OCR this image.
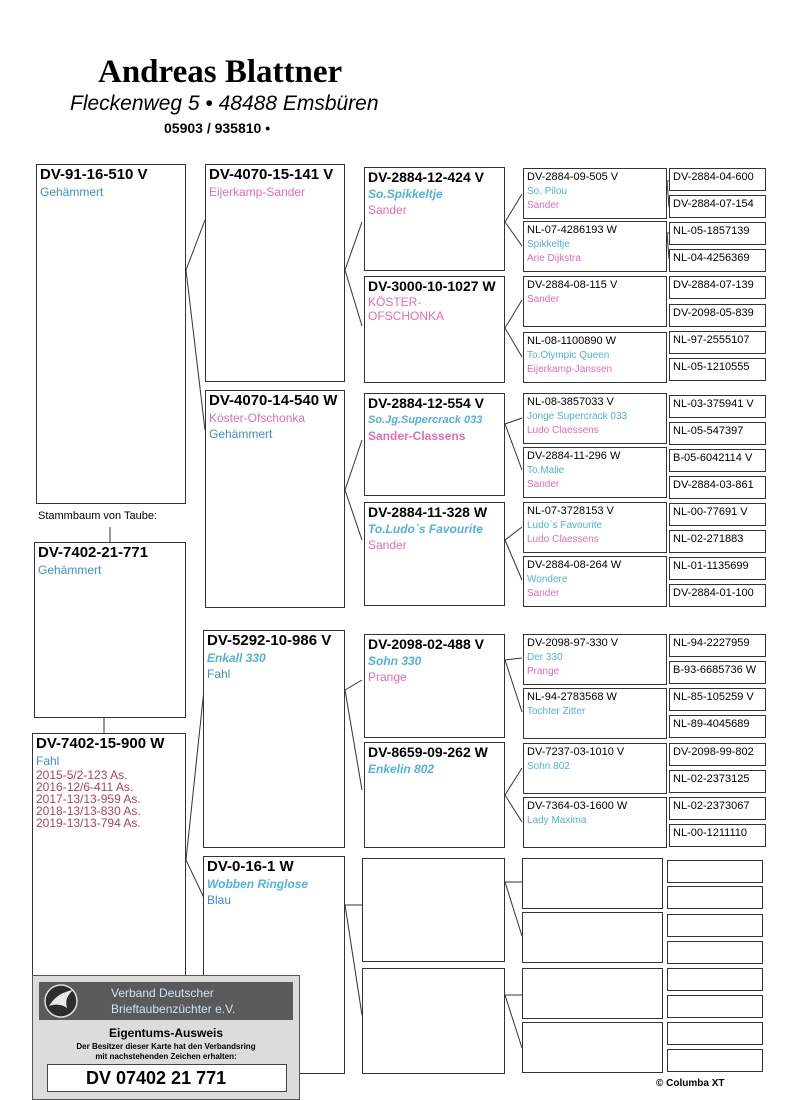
Andreas Blattner
Fleckenweg 5 • 48488 Emsbüren
05903 / 935810 •
DV-91-16-510 V
Gehämmert
Stammbaum von Taube:
DV-7402-21-771
Gehämmert
DV-7402-15-900 W
Fahl
2015-5/2-123 As.
2016-12/6-411 As.
2017-13/13-959 As.
2018-13/13-830 As.
2019-13/13-794 As.
DV-4070-15-141 V
Eijerkamp-Sander
DV-4070-14-540 W
Köster-Ofschonka
Gehämmert
DV-5292-10-986 V
Enkall 330
Fahl
DV-0-16-1 W
Wobben Ringlose
Blau
DV-2884-12-424 V
So.Spikkeltje
Sander
DV-3000-10-1027 W
KÖSTER-
OFSCHONKA
DV-2884-12-554 V
So.Jg.Supercrack 033
Sander-Classens
DV-2884-11-328 W
To.Ludo`s Favourite
Sander
DV-2098-02-488 V
Sohn 330
Prange
DV-8659-09-262 W
Enkelin 802
DV-2884-09-505 V
So. Pilou
Sander
NL-07-4286193 W
Spikkeltje
Arie Dijkstra
DV-2884-08-115 V
Sander
NL-08-1100890 W
To.Olympic Queen
Eijerkamp-Janssen
NL-08-3857033 V
Jonge Supercrack 033
Ludo Claessens
DV-2884-11-296 W
To.Malie
Sander
NL-07-3728153 V
Ludo`s Favourite
Ludo Claessens
DV-2884-08-264 W
Wondere
Sander
DV-2098-97-330 V
Der 330
Prange
NL-94-2783568 W
Tochter Zitter
DV-7237-03-1010 V
Sohn 802
DV-7364-03-1600 W
Lady Maxima
DV-2884-04-600
DV-2884-07-154
NL-05-1857139
NL-04-4256369
DV-2884-07-139
DV-2098-05-839
NL-97-2555107
NL-05-1210555
NL-03-375941 V
NL-05-547397
B-05-6042114 V
DV-2884-03-861
NL-00-77691 V
NL-02-271883
NL-01-1135699
DV-2884-01-100
NL-94-2227959
B-93-6685736 W
NL-85-105259 V
NL-89-4045689
DV-2098-99-802
NL-02-2373125
NL-02-2373067
NL-00-1211110
Verband Deutscher
Brieftaubenzüchter e.V.
Eigentums-Ausweis
Der Besitzer dieser Karte hat den Verbandsring
mit nachstehenden Zeichen erhalten:
DV 07402 21 771	© Columba XT
